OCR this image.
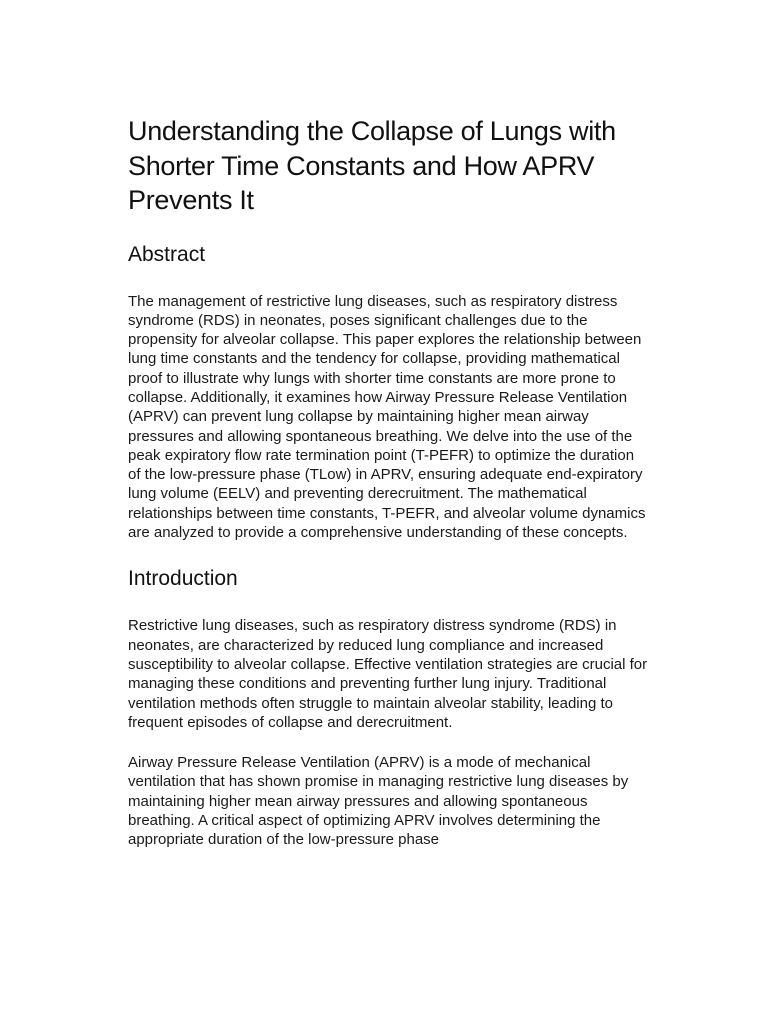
Understanding the Collapse of Lungs with Shorter Time Constants and How APRV Prevents It
Abstract

The management of restrictive lung diseases, such as respiratory distress syndrome (RDS) in neonates, poses significant challenges due to the propensity for alveolar collapse. This paper explores the relationship between lung time constants and the tendency for collapse, providing mathematical proof to illustrate why lungs with shorter time constants are more prone to collapse. Additionally, it examines how Airway Pressure Release Ventilation (APRV) can prevent lung collapse by maintaining higher mean airway pressures and allowing spontaneous breathing. We delve into the use of the peak expiratory flow rate termination point (T-PEFR) to optimize the duration of the low-pressure phase (TLow) in APRV, ensuring adequate end-expiratory lung volume (EELV) and preventing derecruitment. The mathematical relationships between time constants, T-PEFR, and alveolar volume dynamics are analyzed to provide a comprehensive understanding of these concepts.

Introduction

Restrictive lung diseases, such as respiratory distress syndrome (RDS) in neonates, are characterized by reduced lung compliance and increased susceptibility to alveolar collapse. Effective ventilation strategies are crucial for managing these conditions and preventing further lung injury. Traditional ventilation methods often struggle to maintain alveolar stability, leading to frequent episodes of collapse and derecruitment.

Airway Pressure Release Ventilation (APRV) is a mode of mechanical ventilation that has shown promise in managing restrictive lung diseases by maintaining higher mean airway pressures and allowing spontaneous breathing. A critical aspect of optimizing APRV involves determining the appropriate duration of the low-pressure phase
